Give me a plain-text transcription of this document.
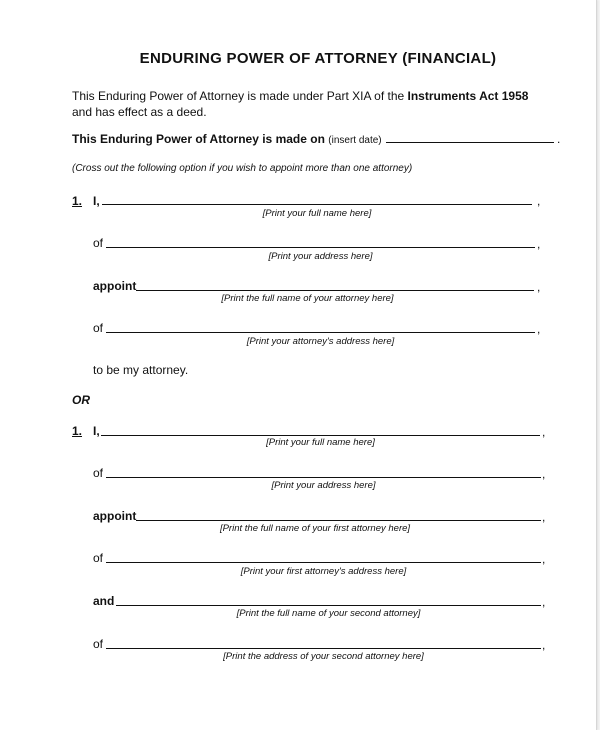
ENDURING POWER OF ATTORNEY (FINANCIAL)
This Enduring Power of Attorney is made under Part XIA of the Instruments Act 1958 and has effect as a deed.
This Enduring Power of Attorney is made on (insert date)	.
(Cross out the following option if you wish to appoint more than one attorney)
1. I,	,
[Print your full name here]
of	,
[Print your address here]
appoint	,
[Print the full name of your attorney here]
of	,
[Print your attorney's address here]
to be my attorney.
OR
1. I,	,
[Print your full name here]
of	,
[Print your address here]
appoint	,
[Print the full name of your first attorney here]
of	,
[Print your first attorney's address here]
and	,
[Print the full name of your second attorney]
of	,
[Print the address of your second attorney here]
